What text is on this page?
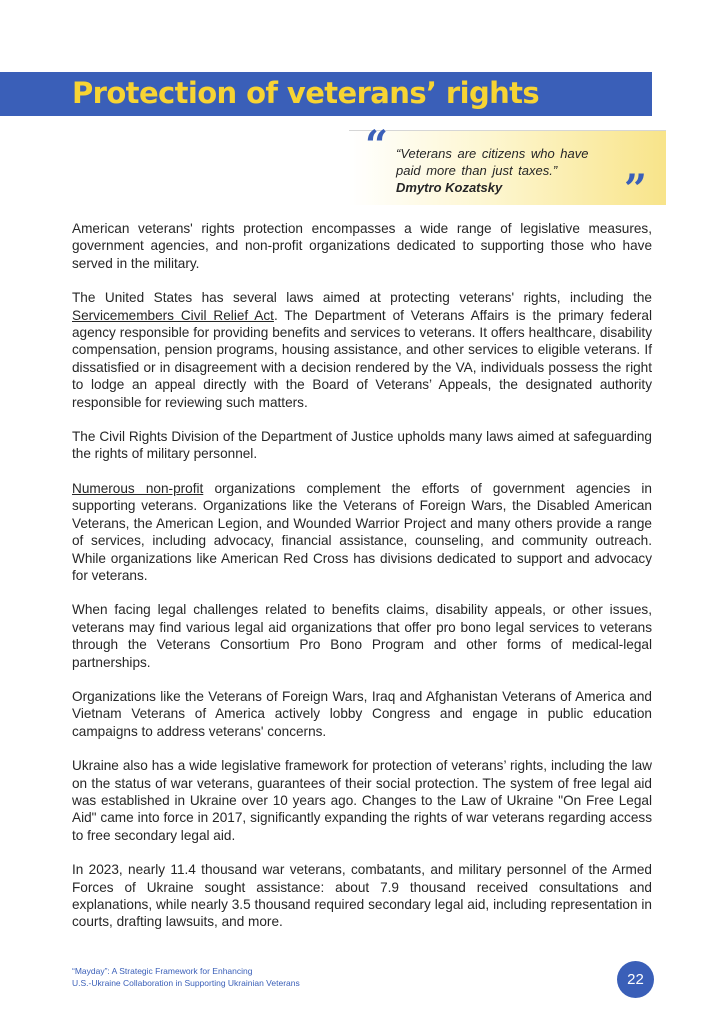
Protection of veterans’ rights
“ “Veterans are citizens who have paid more than just taxes.”

Dmytro Kozatsky	”

American veterans' rights protection encompasses a wide range of legislative measures, government agencies, and non-profit organizations dedicated to supporting those who have served in the military.

The United States has several laws aimed at protecting veterans' rights, including the Servicemembers Civil Relief Act. The Department of Veterans Affairs is the primary federal agency responsible for providing benefits and services to veterans. It offers healthcare, disability compensation, pension programs, housing assistance, and other services to eligible veterans. If dissatisfied or in disagreement with a decision rendered by the VA, individuals possess the right to lodge an appeal directly with the Board of Veterans’ Appeals, the designated authority responsible for reviewing such matters.

The Civil Rights Division of the Department of Justice upholds many laws aimed at safeguarding the rights of military personnel.

Numerous non-profit organizations complement the efforts of government agencies in supporting veterans. Organizations like the Veterans of Foreign Wars, the Disabled American Veterans, the American Legion, and Wounded Warrior Project and many others provide a range of services, including advocacy, financial assistance, counseling, and community outreach. While organizations like American Red Cross has divisions dedicated to support and advocacy for veterans.

When facing legal challenges related to benefits claims, disability appeals, or other issues, veterans may find various legal aid organizations that offer pro bono legal services to veterans through the Veterans Consortium Pro Bono Program and other forms of medical-legal partnerships.

Organizations like the Veterans of Foreign Wars, Iraq and Afghanistan Veterans of America and Vietnam Veterans of America actively lobby Congress and engage in public education campaigns to address veterans' concerns.

Ukraine also has a wide legislative framework for protection of veterans’ rights, including the law on the status of war veterans, guarantees of their social protection. The system of free legal aid was established in Ukraine over 10 years ago. Changes to the Law of Ukraine "On Free Legal Aid" came into force in 2017, significantly expanding the rights of war veterans regarding access to free secondary legal aid.

In 2023, nearly 11.4 thousand war veterans, combatants, and military personnel of the Armed Forces of Ukraine sought assistance: about 7.9 thousand received consultations and explanations, while nearly 3.5 thousand required secondary legal aid, including representation in courts, drafting lawsuits, and more.

“Mayday”: A Strategic Framework for Enhancing
U.S.-Ukraine Collaboration in Supporting Ukrainian Veterans	22
